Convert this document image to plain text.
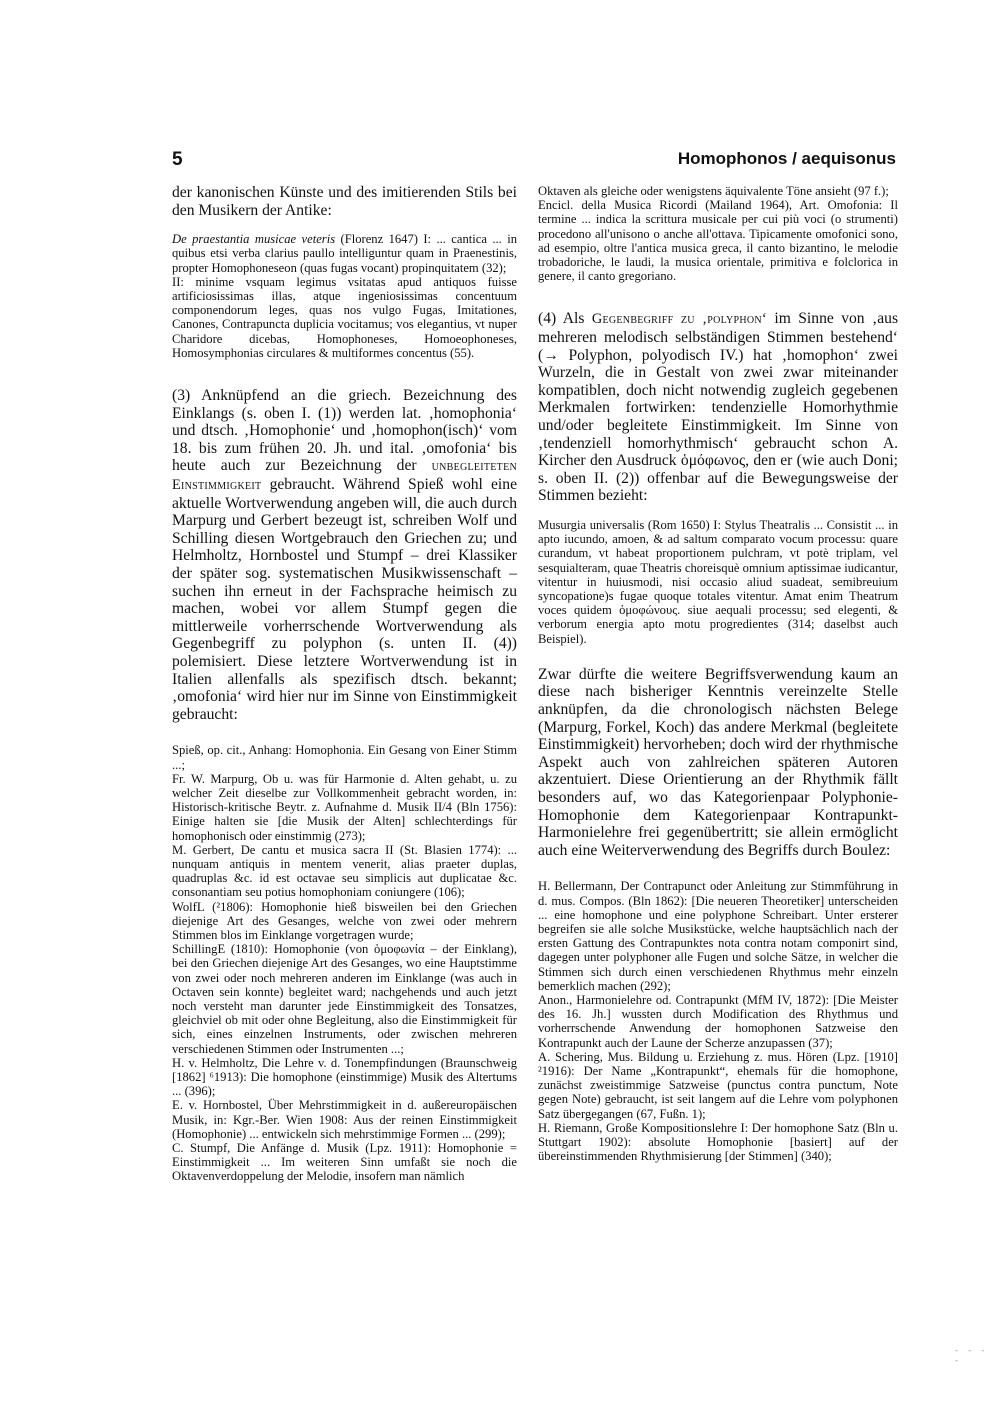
5	Homophonos / aequisonus

der kanonischen Künste und des imitierenden Stils bei den Musikern der Antike:

De praestantia musicae veteris (Florenz 1647) I: ... cantica ... in quibus etsi verba clarius paullo intelliguntur quam in Praenestinis, propter Homophoneseon (quas fugas vocant) propinquitatem (32);

II: minime vsquam legimus vsitatas apud antiquos fuisse artificiosissimas illas, atque ingeniosissimas concentuum componendorum leges, quas nos vulgo Fugas, Imitationes, Canones, Contrapuncta duplicia vocitamus; vos elegantius, vt nuper Charidore dicebas, Homophoneses, Homoeophoneses, Homosymphonias circulares & multiformes concentus (55).

(3) Anknüpfend an die griech. Bezeichnung des Einklangs (s. oben I. (1)) werden lat. ‚homophonia‘ und dtsch. ‚Homophonie‘ und ‚homophon(isch)‘ vom 18. bis zum frühen 20. Jh. und ital. ‚omofonia‘ bis heute auch zur Bezeichnung der unbegleiteten Einstimmigkeit gebraucht. Während Spieß wohl eine aktuelle Wortverwendung angeben will, die auch durch Marpurg und Gerbert bezeugt ist, schreiben Wolf und Schilling diesen Wortgebrauch den Griechen zu; und Helmholtz, Hornbostel und Stumpf – drei Klassiker der später sog. systematischen Musikwissenschaft – suchen ihn erneut in der Fachsprache heimisch zu machen, wobei vor allem Stumpf gegen die mittlerweile vorherrschende Wortverwendung als Gegenbegriff zu polyphon (s. unten II. (4)) polemisiert. Diese letztere Wortverwendung ist in Italien allenfalls als spezifisch dtsch. bekannt; ‚omofonia‘ wird hier nur im Sinne von Einstimmigkeit gebraucht:

Spieß, op. cit., Anhang: Homophonia. Ein Gesang von Einer Stimm ...;

Fr. W. Marpurg, Ob u. was für Harmonie d. Alten gehabt, u. zu welcher Zeit dieselbe zur Vollkommenheit gebracht worden, in: Historisch-kritische Beytr. z. Aufnahme d. Musik II/4 (Bln 1756): Einige halten sie [die Musik der Alten] schlechterdings für homophonisch oder einstimmig (273);

M. Gerbert, De cantu et musica sacra II (St. Blasien 1774): ... nunquam antiquis in mentem venerit, alias praeter duplas, quadruplas &c. id est octavae seu simplicis aut duplicatae &c. consonantiam seu potius homophoniam coniungere (106);

WolfL (²1806): Homophonie hieß bisweilen bei den Griechen diejenige Art des Gesanges, welche von zwei oder mehrern Stimmen blos im Einklange vorgetragen wurde;

SchillingE (1810): Homophonie (von ὁμοφωνία – der Einklang), bei den Griechen diejenige Art des Gesanges, wo eine Hauptstimme von zwei oder noch mehreren anderen im Einklange (was auch in Octaven sein konnte) begleitet ward; nachgehends und auch jetzt noch versteht man darunter jede Einstimmigkeit des Tonsatzes, gleichviel ob mit oder ohne Begleitung, also die Einstimmigkeit für sich, eines einzelnen Instruments, oder zwischen mehreren verschiedenen Stimmen oder Instrumenten ...;

H. v. Helmholtz, Die Lehre v. d. Tonempfindungen (Braunschweig [1862] ⁶1913): Die homophone (einstimmige) Musik des Altertums ... (396);

E. v. Hornbostel, Über Mehrstimmigkeit in d. außereuropäischen Musik, in: Kgr.-Ber. Wien 1908: Aus der reinen Einstimmigkeit (Homophonie) ... entwickeln sich mehrstimmige Formen ... (299);

C. Stumpf, Die Anfänge d. Musik (Lpz. 1911): Homophonie = Einstimmigkeit ... Im weiteren Sinn umfaßt sie noch die Oktavenverdoppelung der Melodie, insofern man nämlich

Oktaven als gleiche oder wenigstens äquivalente Töne ansieht (97 f.);

Encicl. della Musica Ricordi (Mailand 1964), Art. Omofonia: Il termine ... indica la scrittura musicale per cui più voci (o strumenti) procedono all'unisono o anche all'ottava. Tipicamente omofonici sono, ad esempio, oltre l'antica musica greca, il canto bizantino, le melodie trobadoriche, le laudi, la musica orientale, primitiva e folclorica in genere, il canto gregoriano.

(4) Als Gegenbegriff zu ‚polyphon‘ im Sinne von ‚aus mehreren melodisch selbständigen Stimmen bestehend‘ (→ Polyphon, polyodisch IV.) hat ‚homophon‘ zwei Wurzeln, die in Gestalt von zwei zwar miteinander kompatiblen, doch nicht notwendig zugleich gegebenen Merkmalen fortwirken: tendenzielle Homorhythmie und/oder begleitete Einstimmigkeit. Im Sinne von ‚tendenziell homorhythmisch‘ gebraucht schon A. Kircher den Ausdruck ὁμόφωνος, den er (wie auch Doni; s. oben II. (2)) offenbar auf die Bewegungsweise der Stimmen bezieht:

Musurgia universalis (Rom 1650) I: Stylus Theatralis ... Consistit ... in apto iucundo, amoen, & ad saltum comparato vocum processu: quare curandum, vt habeat proportionem pulchram, vt potè triplam, vel sesquialteram, quae Theatris choreisquè omnium aptissimae iudicantur, vitentur in huiusmodi, nisi occasio aliud suadeat, semibreuium syncopatione)s fugae quoque totales vitentur. Amat enim Theatrum voces quidem ὁμοφώνους. siue aequali processu; sed elegenti, & verborum energia apto motu progredientes (314; daselbst auch Beispiel).

Zwar dürfte die weitere Begriffsverwendung kaum an diese nach bisheriger Kenntnis vereinzelte Stelle anknüpfen, da die chronologisch nächsten Belege (Marpurg, Forkel, Koch) das andere Merkmal (begleitete Einstimmigkeit) hervorheben; doch wird der rhythmische Aspekt auch von zahlreichen späteren Autoren akzentuiert. Diese Orientierung an der Rhythmik fällt besonders auf, wo das Kategorienpaar Polyphonie-Homophonie dem Kategorienpaar Kontrapunkt-Harmonielehre frei gegenübertritt; sie allein ermöglicht auch eine Weiterverwendung des Begriffs durch Boulez:

H. Bellermann, Der Contrapunct oder Anleitung zur Stimmführung in d. mus. Compos. (Bln 1862): [Die neueren Theoretiker] unterscheiden ... eine homophone und eine polyphone Schreibart. Unter ersterer begreifen sie alle solche Musikstücke, welche hauptsächlich nach der ersten Gattung des Contrapunktes nota contra notam componirt sind, dagegen unter polyphoner alle Fugen und solche Sätze, in welcher die Stimmen sich durch einen verschiedenen Rhythmus mehr einzeln bemerklich machen (292);

Anon., Harmonielehre od. Contrapunkt (MfM IV, 1872): [Die Meister des 16. Jh.] wussten durch Modification des Rhythmus und vorherrschende Anwendung der homophonen Satzweise den Kontrapunkt auch der Laune der Scherze anzupassen (37);

A. Schering, Mus. Bildung u. Erziehung z. mus. Hören (Lpz. [1910] ²1916): Der Name „Kontrapunkt“, ehemals für die homophone, zunächst zweistimmige Satzweise (punctus contra punctum, Note gegen Note) gebraucht, ist seit langem auf die Lehre vom polyphonen Satz übergegangen (67, Fußn. 1);

H. Riemann, Große Kompositionslehre I: Der homophone Satz (Bln u. Stuttgart 1902): absolute Homophonie [basiert] auf der übereinstimmenden Rhythmisierung [der Stimmen] (340);

- - - -
